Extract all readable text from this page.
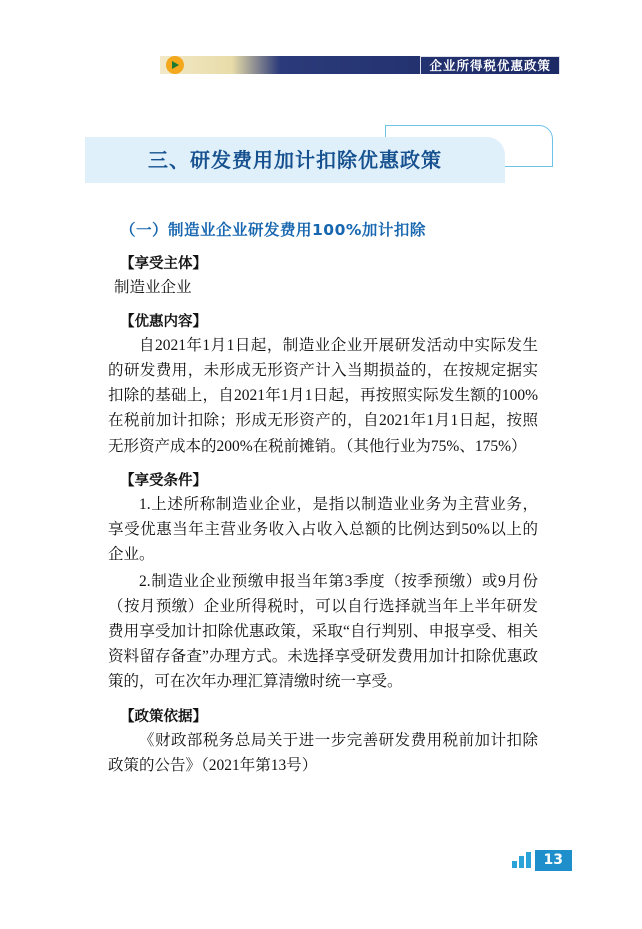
企业所得税优惠政策
三、研发费用加计扣除优惠政策
（一）制造业企业研发费用100%加计扣除
【享受主体】

制造业企业

【优惠内容】

自2021年1月1日起，制造业企业开展研发活动中实际发生的研发费用，未形成无形资产计入当期损益的，在按规定据实扣除的基础上，自2021年1月1日起，再按照实际发生额的100%在税前加计扣除；形成无形资产的，自2021年1月1日起，按照无形资产成本的200%在税前摊销。（其他行业为75%、175%）

【享受条件】

1.上述所称制造业企业，是指以制造业业务为主营业务，享受优惠当年主营业务收入占收入总额的比例达到50%以上的企业。

2.制造业企业预缴申报当年第3季度（按季预缴）或9月份（按月预缴）企业所得税时，可以自行选择就当年上半年研发费用享受加计扣除优惠政策，采取“自行判别、申报享受、相关资料留存备查”办理方式。未选择享受研发费用加计扣除优惠政策的，可在次年办理汇算清缴时统一享受。

【政策依据】

《财政部税务总局关于进一步完善研发费用税前加计扣除政策的公告》（2021年第13号）

13
